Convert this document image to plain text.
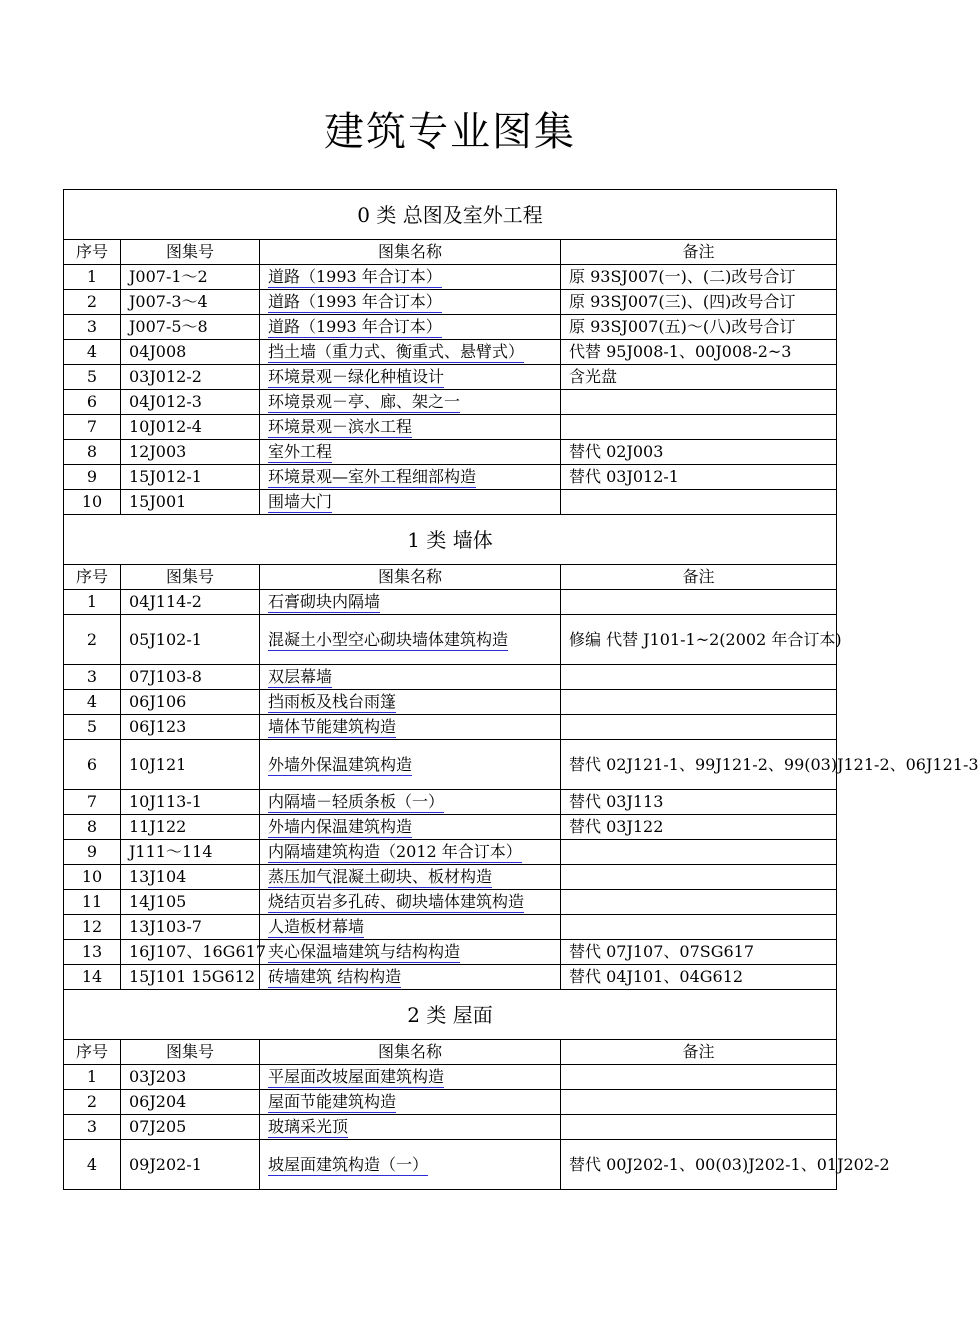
建筑专业图集
0 类 总图及室外工程			
序号	图集号	图集名称	备注
1	J007-1～2	道路（1993 年合订本）	原 93SJ007(一)、(二)改号合订
2	J007-3～4	道路（1993 年合订本）	原 93SJ007(三)、(四)改号合订
3	J007-5～8	道路（1993 年合订本）	原 93SJ007(五)～(八)改号合订
4	04J008	挡土墙（重力式、衡重式、悬臂式）	代替 95J008-1、00J008-2~3
5	03J012-2	环境景观－绿化种植设计	含光盘
6	04J012-3	环境景观－亭、廊、架之一	
7	10J012-4	环境景观－滨水工程	
8	12J003	室外工程	替代 02J003
9	15J012-1	环境景观—室外工程细部构造	替代 03J012-1
10	15J001	围墙大门	
1 类 墙体			
序号	图集号	图集名称	备注
1	04J114-2	石膏砌块内隔墙	
2	05J102-1	混凝土小型空心砌块墙体建筑构造	修编 代替 J101-1~2(2002 年合订本)
3	07J103-8	双层幕墙	
4	06J106	挡雨板及栈台雨篷	
5	06J123	墙体节能建筑构造	
6	10J121	外墙外保温建筑构造	替代 02J121-1、99J121-2、99(03)J121-2、06J121-3
7	10J113-1	内隔墙－轻质条板（一）	替代 03J113
8	11J122	外墙内保温建筑构造	替代 03J122
9	J111～114	内隔墙建筑构造（2012 年合订本）	
10	13J104	蒸压加气混凝土砌块、板材构造	
11	14J105	烧结页岩多孔砖、砌块墙体建筑构造	
12	13J103-7	人造板材幕墙	
13	16J107、16G617	夹心保温墙建筑与结构构造	替代 07J107、07SG617
14	15J101 15G612	砖墙建筑 结构构造	替代 04J101、04G612
2 类 屋面			
序号	图集号	图集名称	备注
1	03J203	平屋面改坡屋面建筑构造	
2	06J204	屋面节能建筑构造	
3	07J205	玻璃采光顶	
4	09J202-1	坡屋面建筑构造（一）	替代 00J202-1、00(03)J202-1、01J202-2
